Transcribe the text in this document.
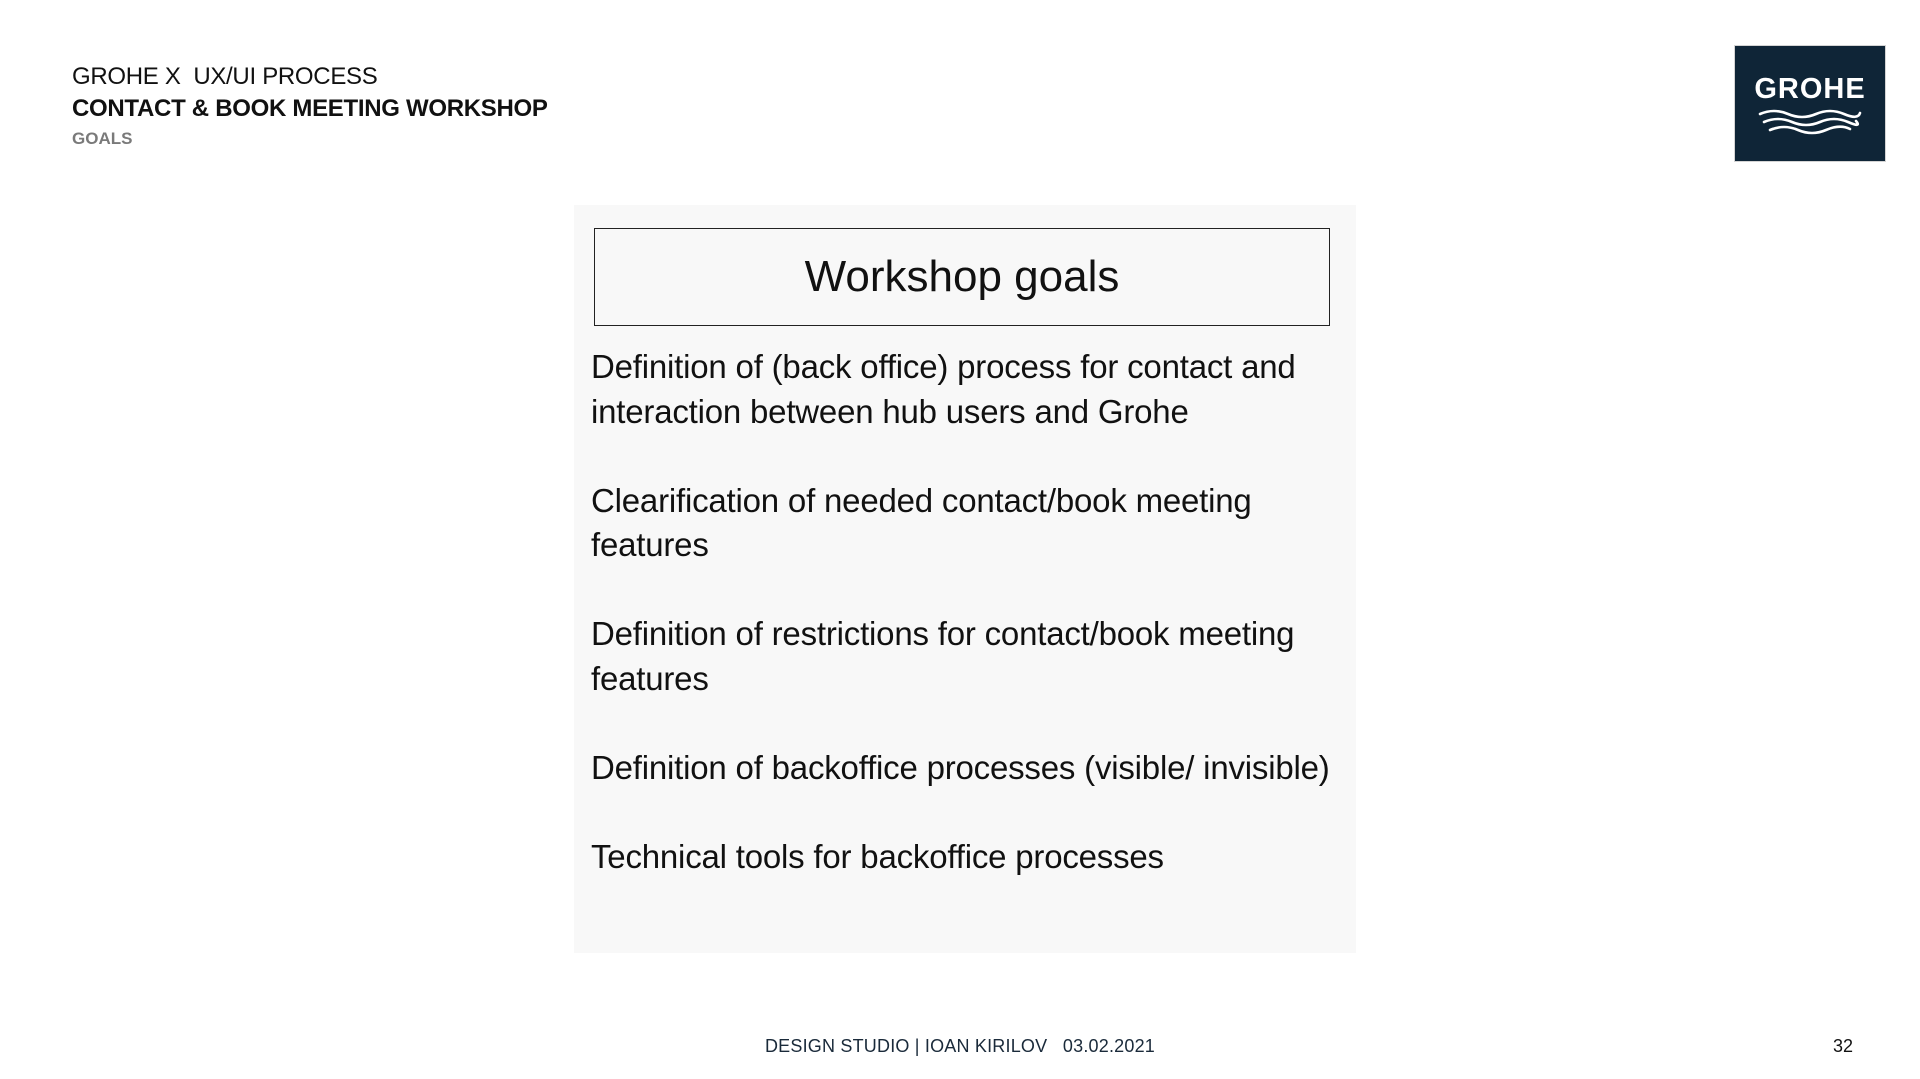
GROHE X  UX/UI PROCESS
CONTACT & BOOK MEETING WORKSHOP
GOALS
GROHE
Workshop goals
Definition of (back office) process for contact and interaction between hub users and Grohe
Clearification of needed contact/book meeting features
Definition of restrictions for contact/book meeting features
Definition of backoffice processes (visible/ invisible)
Technical tools for backoffice processes
DESIGN STUDIO | IOAN KIRILOV   03.02.2021	32
